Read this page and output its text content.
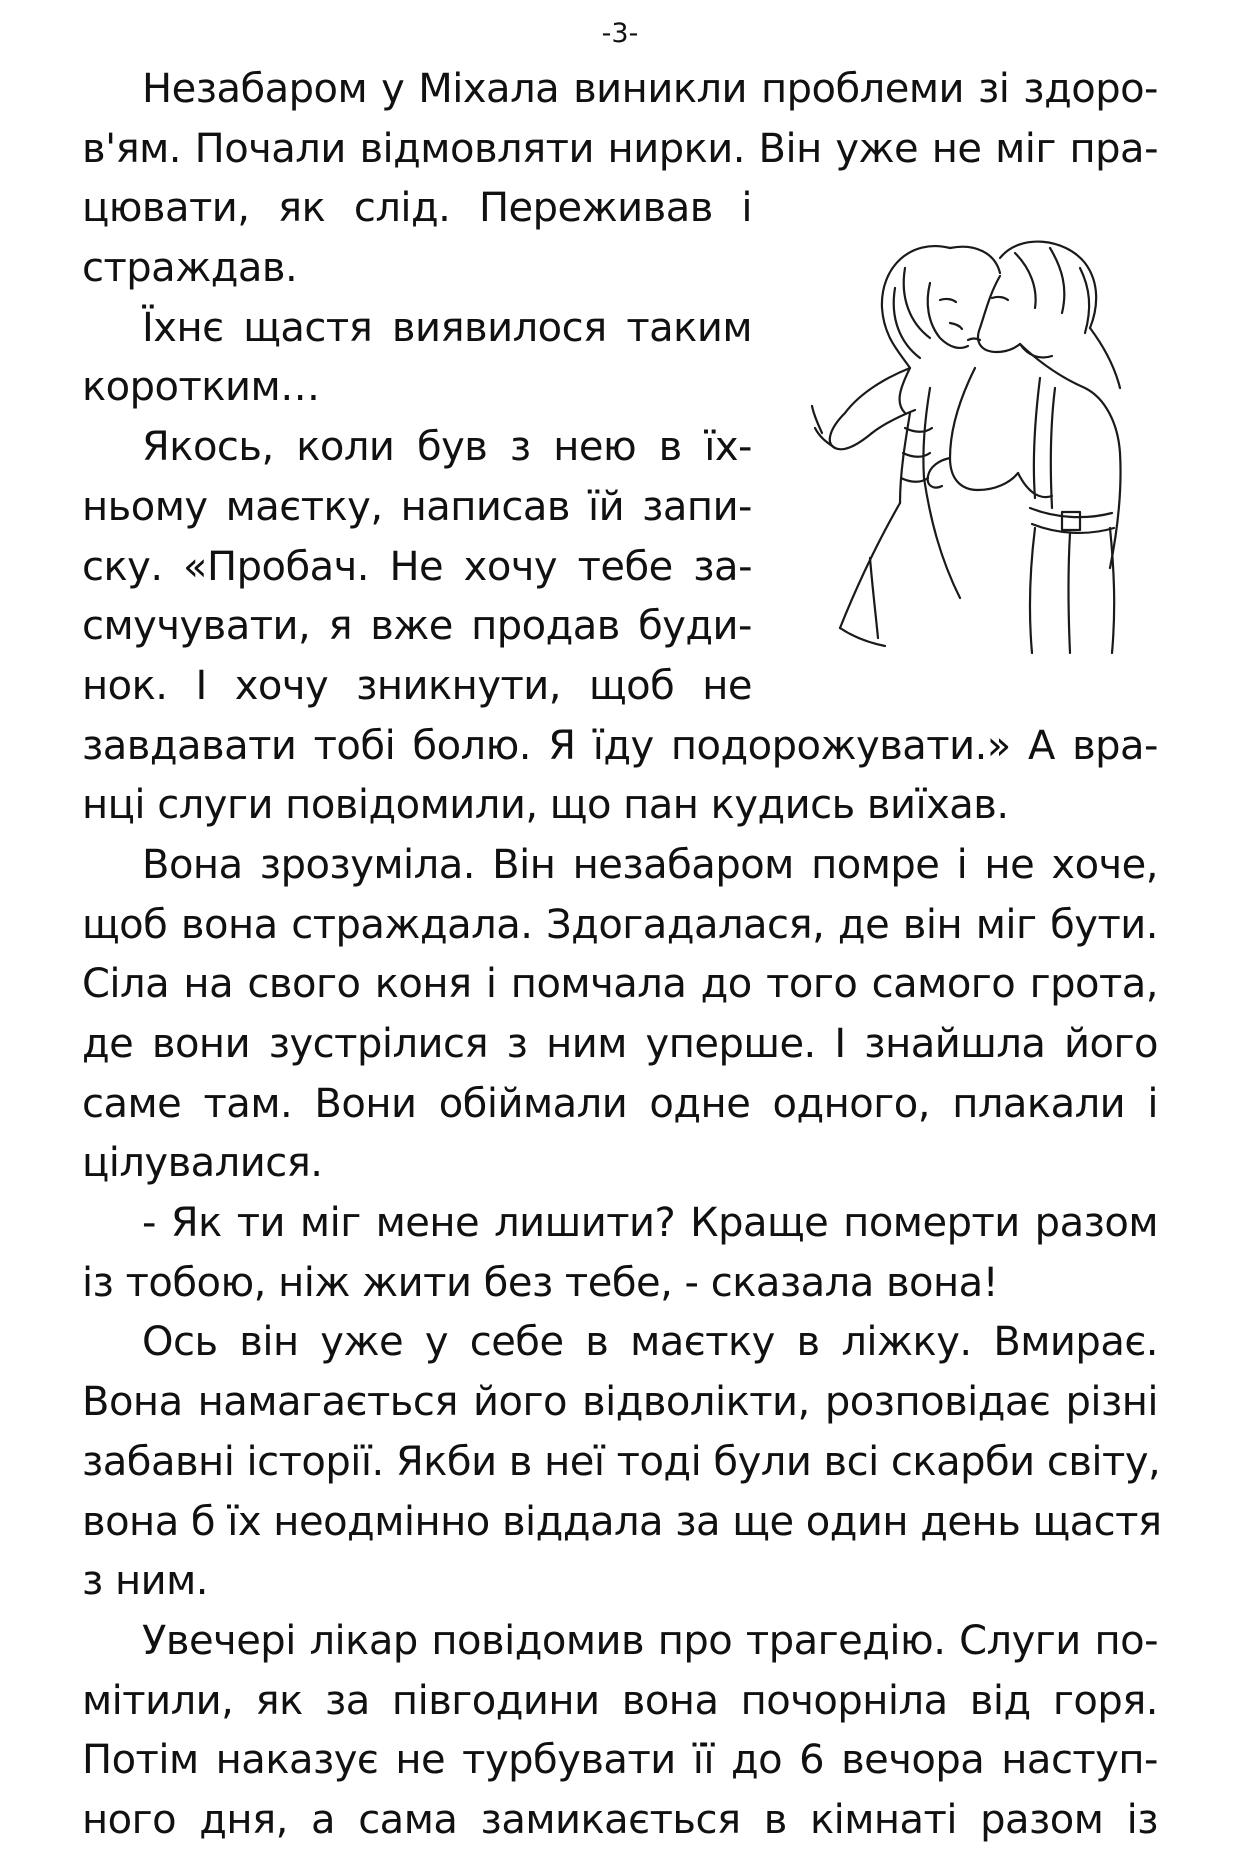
-3-
Незабаром у Міхала виникли проблеми зі здоро-
в'ям. Почали відмовляти нирки. Він уже не міг пра-
цювати, як слід. Переживав і
страждав.
Їхнє щастя виявилося таким
коротким…
Якось, коли був з нею в їх-
ньому маєтку, написав їй запи-
ску. «Пробач. Не хочу тебе за-
смучувати, я вже продав буди-
нок. І хочу зникнути, щоб не
завдавати тобі болю. Я їду подорожувати.» А вра-
нці слуги повідомили, що пан кудись виїхав.
Вона зрозуміла. Він незабаром помре і не хоче,
щоб вона страждала. Здогадалася, де він міг бути.
Сіла на свого коня і помчала до того самого грота,
де вони зустрілися з ним уперше. І знайшла його
саме там. Вони обіймали одне одного, плакали і
цілувалися.
- Як ти міг мене лишити? Краще померти разом
із тобою, ніж жити без тебе, - сказала вона!
Ось він уже у себе в маєтку в ліжку. Вмирає.
Вона намагається його відволікти, розповідає різні
забавні історії. Якби в неї тоді були всі скарби світу,
вона б їх неодмінно віддала за ще один день щастя
з ним.
Увечері лікар повідомив про трагедію. Слуги по-
мітили, як за півгодини вона почорніла від горя.
Потім наказує не турбувати її до 6 вечора наступ-
ного дня, а сама замикається в кімнаті разом із
